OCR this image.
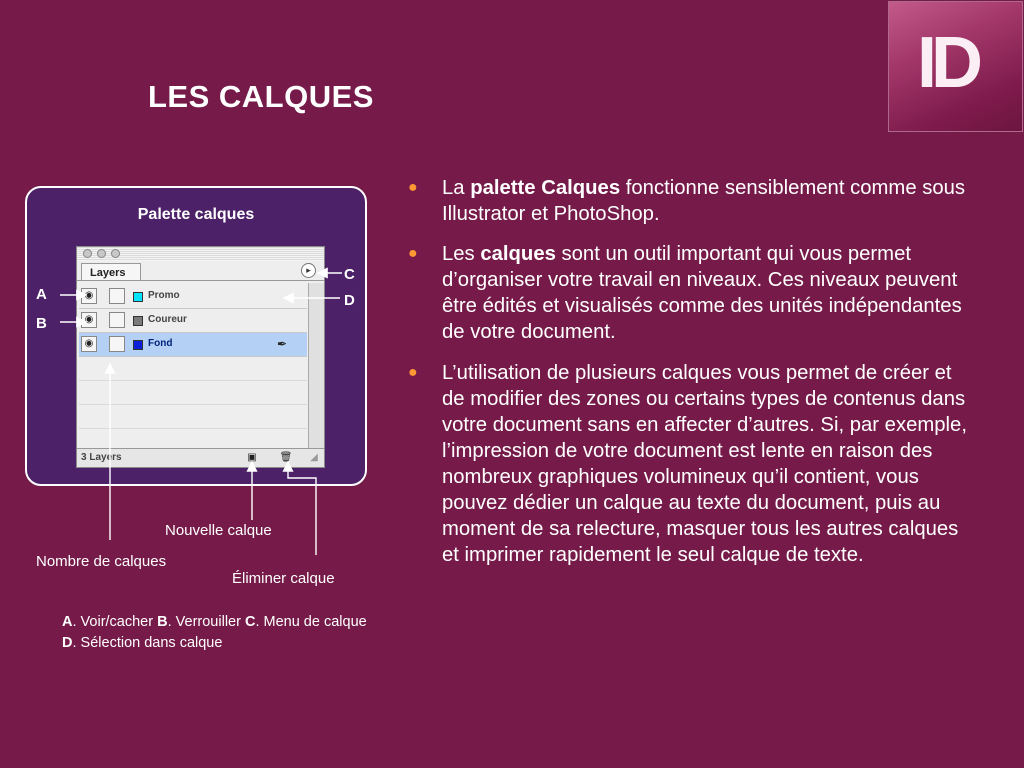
LES CALQUES	ID
Palette calques
Layers	▸
◉	Promo
◉	Coureur
◉	Fond	✒
3 Layers	▣	🗑	◢
A
B
C
D
Nouvelle calque
Nombre de calques
Éliminer calque
A. Voir/cacher B. Verrouiller C. Menu de calque D. Sélection dans calque
● La palette Calques fonctionne sensiblement comme sous Illustrator et PhotoShop.
● Les calques sont un outil important qui vous permet d’organiser votre travail en niveaux. Ces niveaux peuvent être édités et visualisés comme des unités indépendantes de votre document.
● L’utilisation de plusieurs calques vous permet de créer et de modifier des zones ou certains types de contenus dans votre document sans en affecter d’autres. Si, par exemple, l’impression de votre document est lente en raison des nombreux graphiques volumineux qu’il contient, vous pouvez dédier un calque au texte du document, puis au moment de sa relecture, masquer tous les autres calques et imprimer rapidement le seul calque de texte.
